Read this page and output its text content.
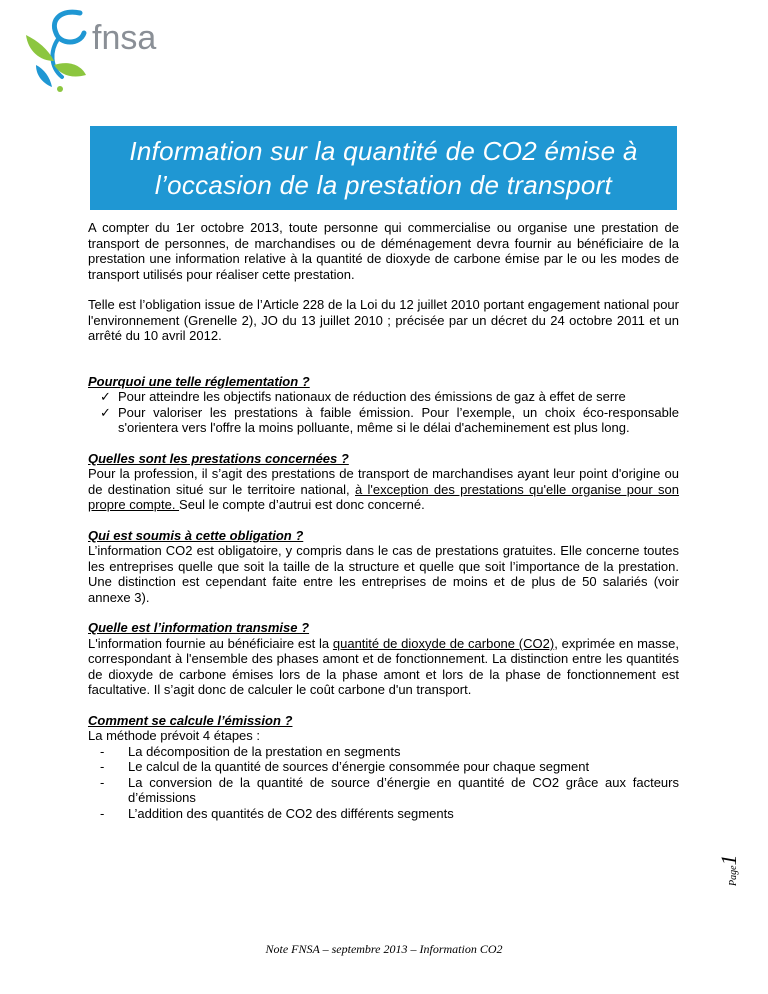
fnsa
Information sur la quantité de CO2 émise à
l’occasion de la prestation de transport

A compter du 1er octobre 2013, toute personne qui commercialise ou organise une prestation de transport de personnes, de marchandises ou de déménagement devra fournir au bénéficiaire de la prestation une information relative à la quantité de dioxyde de carbone émise par le ou les modes de transport utilisés pour réaliser cette prestation.

Telle est l’obligation issue de l’Article 228 de la Loi du 12 juillet 2010 portant engagement national pour l'environnement (Grenelle 2), JO du 13 juillet 2010 ; précisée par un décret du 24 octobre 2011 et un arrêté du 10 avril 2012.

Pourquoi une telle réglementation ?

✓ Pour atteindre les objectifs nationaux de réduction des émissions de gaz à effet de serre
✓ Pour valoriser les prestations à faible émission. Pour l’exemple, un choix éco-responsable s'orientera vers l'offre la moins polluante, même si le délai d'acheminement est plus long.

Quelles sont les prestations concernées ?

Pour la profession, il s’agit des prestations de transport de marchandises ayant leur point d'origine ou de destination situé sur le territoire national, à l'exception des prestations qu'elle organise pour son propre compte. Seul le compte d’autrui est donc concerné.

Qui est soumis à cette obligation ?

L’information CO2 est obligatoire, y compris dans le cas de prestations gratuites. Elle concerne toutes les entreprises quelle que soit la taille de la structure et quelle que soit l’importance de la prestation. Une distinction est cependant faite entre les entreprises de moins et de plus de 50 salariés (voir annexe 3).

Quelle est l’information transmise ?

L'information fournie au bénéficiaire est la quantité de dioxyde de carbone (CO2), exprimée en masse, correspondant à l'ensemble des phases amont et de fonctionnement. La distinction entre les quantités de dioxyde de carbone émises lors de la phase amont et lors de la phase de fonctionnement est facultative. Il s’agit donc de calculer le coût carbone d'un transport.

Comment se calcule l’émission ?

La méthode prévoit 4 étapes :

- La décomposition de la prestation en segments
- Le calcul de la quantité de sources d’énergie consommée pour chaque segment
- La conversion de la quantité de source d’énergie en quantité de CO2 grâce aux facteurs d’émissions
- L’addition des quantités de CO2 des différents segments
Page1
Note FNSA – septembre 2013 – Information CO2
